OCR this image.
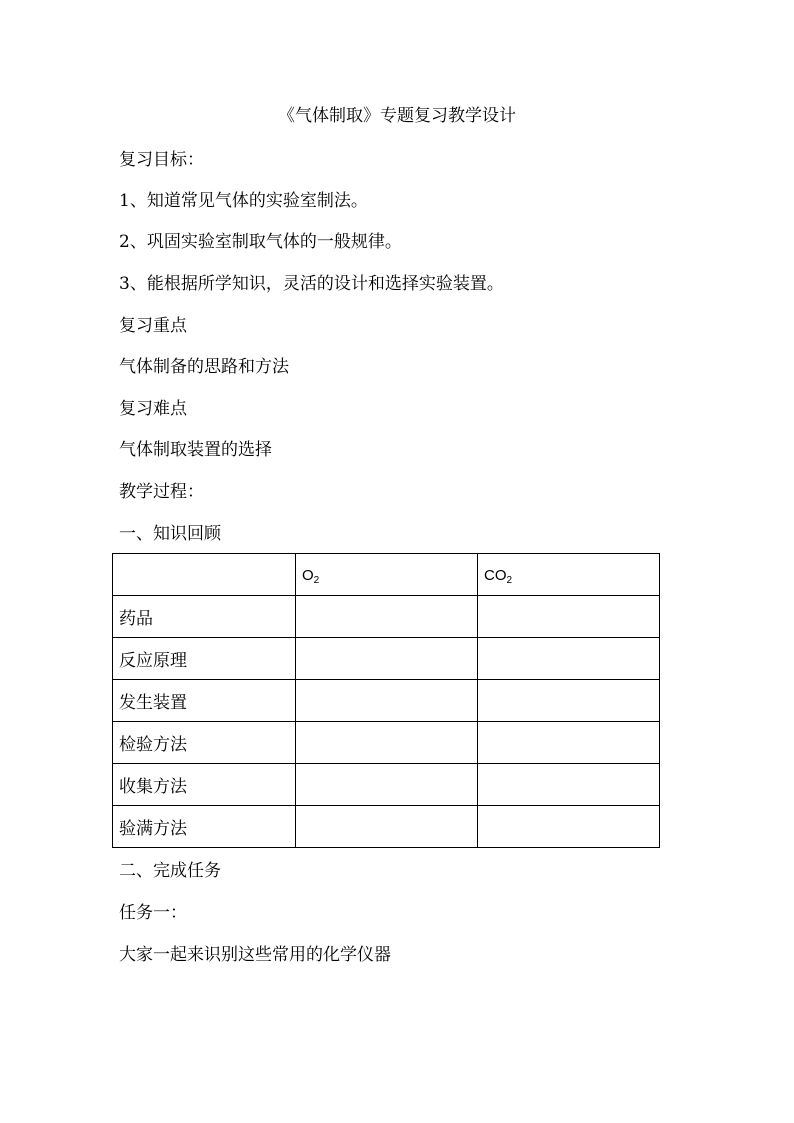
《气体制取》专题复习教学设计
复习目标：
1、知道常见气体的实验室制法。
2、巩固实验室制取气体的一般规律。
3、能根据所学知识，灵活的设计和选择实验装置。
复习重点
气体制备的思路和方法
复习难点
气体制取装置的选择
教学过程：
一、知识回顾
	$O_2$	$CO_2$
药品		
反应原理		
发生装置		
检验方法		
收集方法		
验满方法		
二、完成任务
任务一：
大家一起来识别这些常用的化学仪器
